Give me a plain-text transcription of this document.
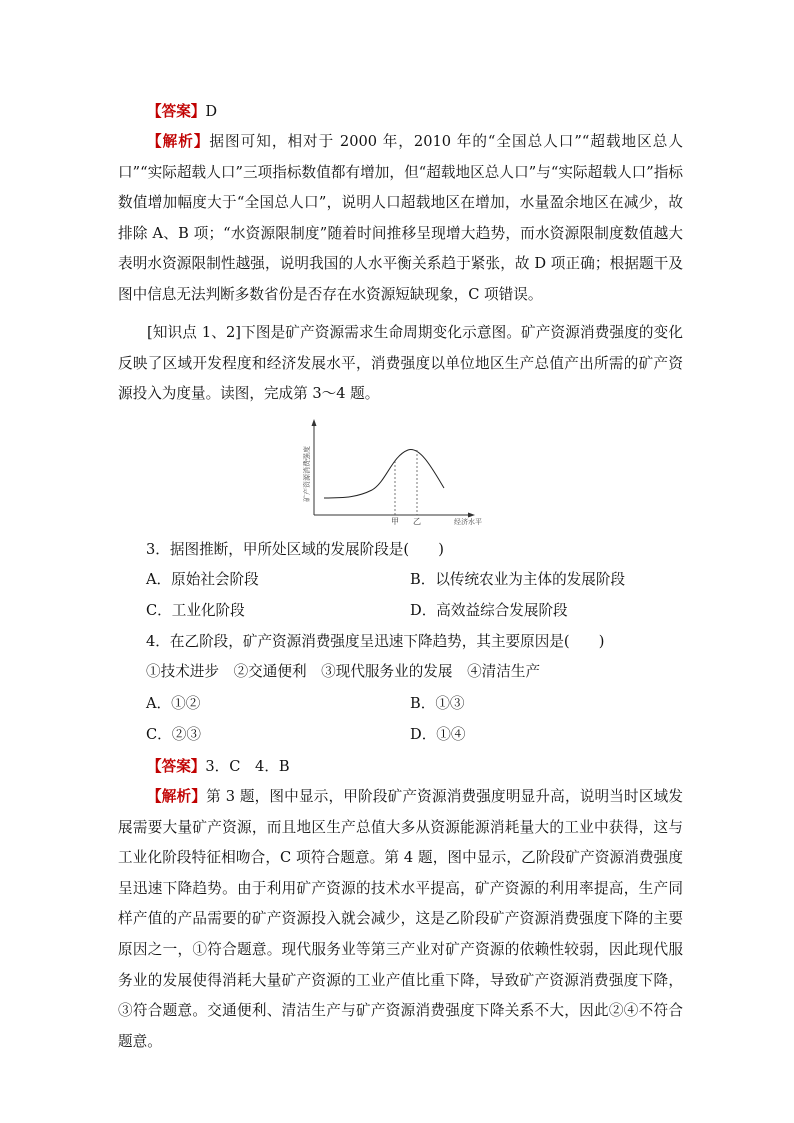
【答案】D

【解析】据图可知，相对于 2000 年，2010 年的“全国总人口”“超载地区总人口”“实际超载人口”三项指标数值都有增加，但“超载地区总人口”与“实际超载人口”指标数值增加幅度大于“全国总人口”，说明人口超载地区在增加，水量盈余地区在减少，故排除 A、B 项；“水资源限制度”随着时间推移呈现增大趋势，而水资源限制度数值越大表明水资源限制性越强，说明我国的人水平衡关系趋于紧张，故 D 项正确；根据题干及图中信息无法判断多数省份是否存在水资源短缺现象，C 项错误。

[知识点 1、2]下图是矿产资源需求生命周期变化示意图。矿产资源消费强度的变化反映了区域开发程度和经济发展水平，消费强度以单位地区生产总值产出所需的矿产资源投入为度量。读图，完成第 3～4 题。

矿产资源消费强度
甲 乙	经济水平
3．据图推断，甲所处区域的发展阶段是(　　)
A．原始社会阶段	B．以传统农业为主体的发展阶段
C．工业化阶段	D．高效益综合发展阶段
4．在乙阶段，矿产资源消费强度呈迅速下降趋势，其主要原因是(　　)
①技术进步　②交通便利　③现代服务业的发展　④清洁生产
A．①②	B．①③
C．②③	D．①④

【答案】3．C　4．B

【解析】第 3 题，图中显示，甲阶段矿产资源消费强度明显升高，说明当时区域发展需要大量矿产资源，而且地区生产总值大多从资源能源消耗量大的工业中获得，这与工业化阶段特征相吻合，C 项符合题意。第 4 题，图中显示，乙阶段矿产资源消费强度呈迅速下降趋势。由于利用矿产资源的技术水平提高，矿产资源的利用率提高，生产同样产值的产品需要的矿产资源投入就会减少，这是乙阶段矿产资源消费强度下降的主要原因之一，①符合题意。现代服务业等第三产业对矿产资源的依赖性较弱，因此现代服务业的发展使得消耗大量矿产资源的工业产值比重下降，导致矿产资源消费强度下降，③符合题意。交通便利、清洁生产与矿产资源消费强度下降关系不大，因此②④不符合题意。
